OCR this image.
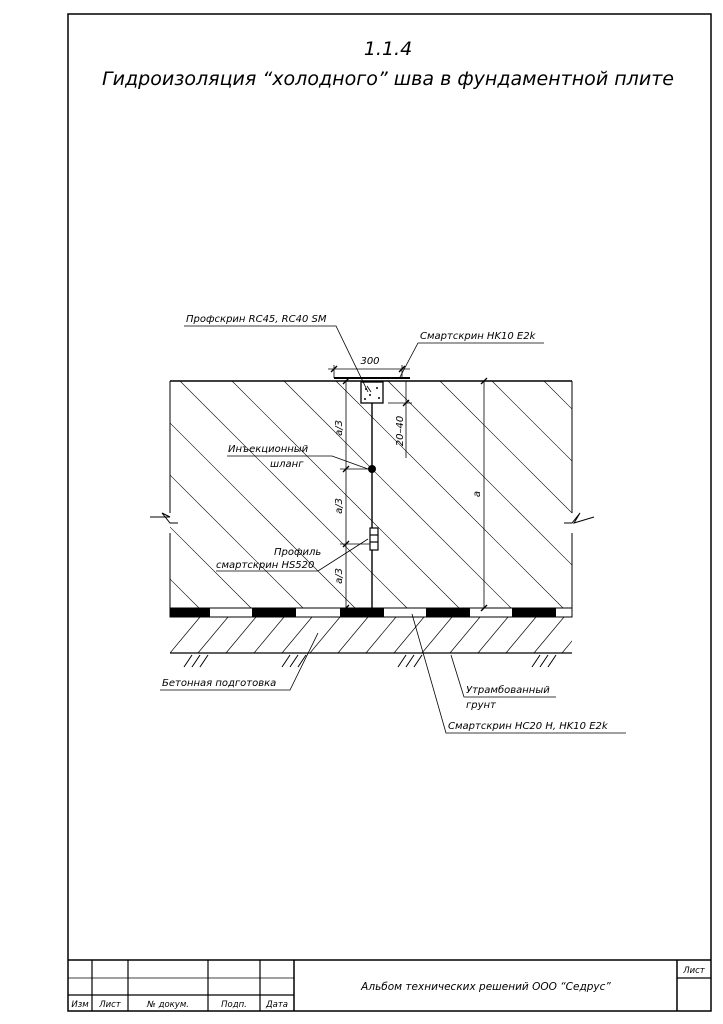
1.1.4
Гидроизоляция “холодного” шва в фундаментной плите
300
20–40
a/3
a/3
a/3
a
Профскрин RC45, RC40 SM
Смартскрин HK10 E2k
Инъекционный
шланг
Профиль
смартскрин HS520
Бетонная подготовка
Утрамбованный
грунт
Смартскрин HC20 H, HK10 E2k
Альбом технических решений ООО “Седрус”
Лист
Изм Лист	№ докум.	Подп. Дата
